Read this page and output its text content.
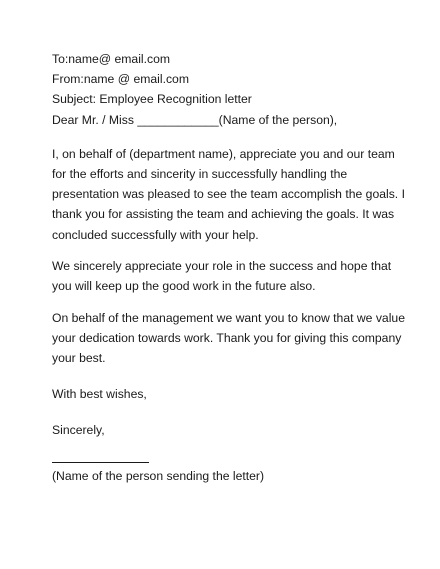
To:name@ email.com
From:name @ email.com
Subject: Employee Recognition letter
Dear Mr. / Miss ____________(Name of the person),
I, on behalf of (department name), appreciate you and our team
for the efforts and sincerity in successfully handling the
presentation was pleased to see the team accomplish the goals. I
thank you for assisting the team and achieving the goals. It was
concluded successfully with your help.
We sincerely appreciate your role in the success and hope that
you will keep up the good work in the future also.
On behalf of the management we want you to know that we value
your dedication towards work. Thank you for giving this company
your best.
With best wishes,
Sincerely,
(Name of the person sending the letter)
